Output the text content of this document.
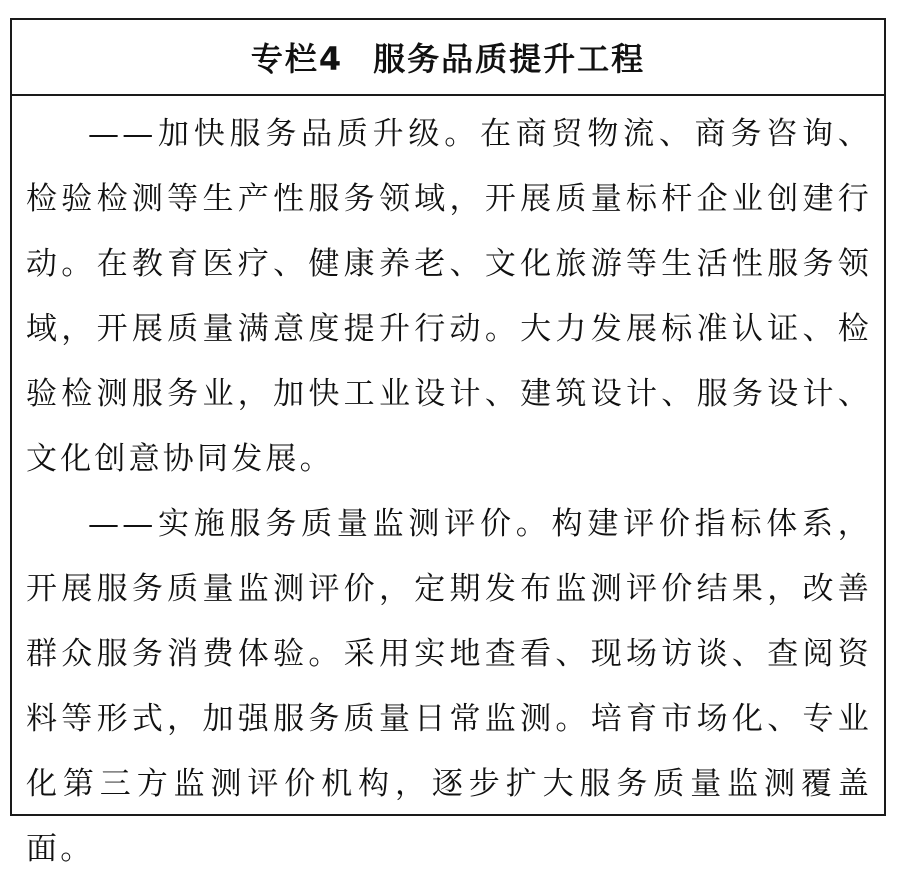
专栏4 服务品质提升工程

——加快服务品质升级。在商贸物流、商务咨询、检验检测等生产性服务领域，开展质量标杆企业创建行动。在教育医疗、健康养老、文化旅游等生活性服务领域，开展质量满意度提升行动。大力发展标准认证、检验检测服务业，加快工业设计、建筑设计、服务设计、文化创意协同发展。

——实施服务质量监测评价。构建评价指标体系，开展服务质量监测评价，定期发布监测评价结果，改善群众服务消费体验。采用实地查看、现场访谈、查阅资料等形式，加强服务质量日常监测。培育市场化、专业化第三方监测评价机构，逐步扩大服务质量监测覆盖面。
